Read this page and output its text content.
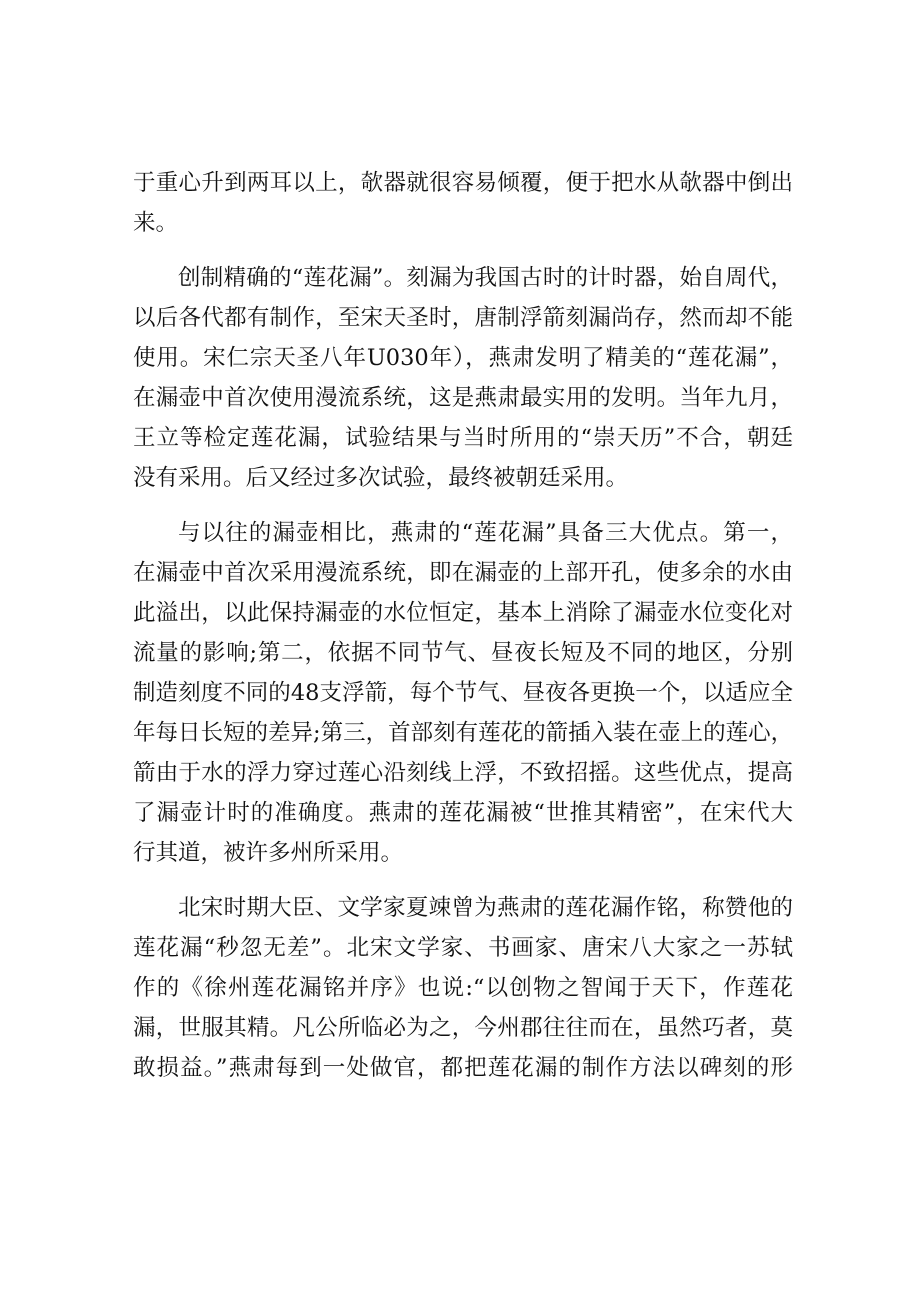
于重心升到两耳以上，欹器就很容易倾覆，便于把水从欹器中倒出
来。
创制精确的“莲花漏”。刻漏为我国古时的计时器，始自周代，
以后各代都有制作，至宋天圣时，唐制浮箭刻漏尚存，然而却不能
使用。宋仁宗天圣八年U030年），燕肃发明了精美的“莲花漏”，
在漏壶中首次使用漫流系统，这是燕肃最实用的发明。当年九月，
王立等检定莲花漏，试验结果与当时所用的“崇天历”不合，朝廷
没有采用。后又经过多次试验，最终被朝廷采用。
与以往的漏壶相比，燕肃的“莲花漏”具备三大优点。第一，
在漏壶中首次采用漫流系统，即在漏壶的上部开孔，使多余的水由
此溢出，以此保持漏壶的水位恒定，基本上消除了漏壶水位变化对
流量的影响;第二，依据不同节气、昼夜长短及不同的地区，分别
制造刻度不同的48支浮箭，每个节气、昼夜各更换一个，以适应全
年每日长短的差异;第三，首部刻有莲花的箭插入装在壶上的莲心，
箭由于水的浮力穿过莲心沿刻线上浮，不致招摇。这些优点，提高
了漏壶计时的准确度。燕肃的莲花漏被“世推其精密”，在宋代大
行其道，被许多州所采用。
北宋时期大臣、文学家夏竦曾为燕肃的莲花漏作铭，称赞他的
莲花漏“秒忽无差”。北宋文学家、书画家、唐宋八大家之一苏轼
作的《徐州莲花漏铭并序》也说:“以创物之智闻于天下，作莲花
漏，世服其精。凡公所临必为之，今州郡往往而在，虽然巧者，莫
敢损益。”燕肃每到一处做官，都把莲花漏的制作方法以碑刻的形
